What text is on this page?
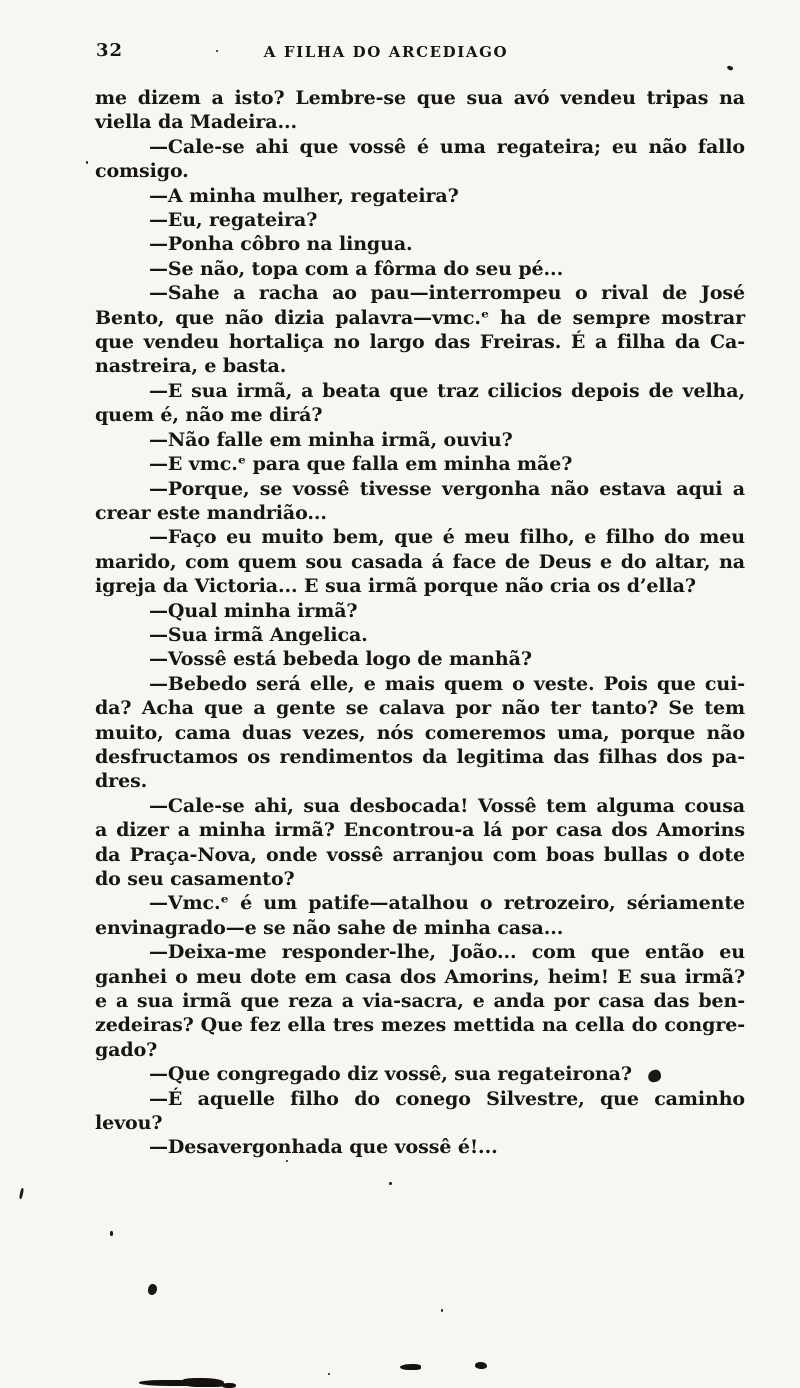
32	A FILHA DO ARCEDIAGO
me dizem a isto? Lembre-se que sua avó vendeu tripas na
viella da Madeira...
—Cale-se ahi que vossê é uma regateira; eu não fallo
comsigo.
—A minha mulher, regateira?
—Eu, regateira?
—Ponha côbro na lingua.
—Se não, topa com a fôrma do seu pé...
—Sahe a racha ao pau—interrompeu o rival de José
Bento, que não dizia palavra—vmc.ᵉ ha de sempre mostrar
que vendeu hortaliça no largo das Freiras. É a filha da Ca-
nastreira, e basta.
—E sua irmã, a beata que traz cilicios depois de velha,
quem é, não me dirá?
—Não falle em minha irmã, ouviu?
—E vmc.ᵉ para que falla em minha mãe?
—Porque, se vossê tivesse vergonha não estava aqui a
crear este mandrião...
—Faço eu muito bem, que é meu filho, e filho do meu
marido, com quem sou casada á face de Deus e do altar, na
igreja da Victoria... E sua irmã porque não cria os d’ella?
—Qual minha irmã?
—Sua irmã Angelica.
—Vossê está bebeda logo de manhã?
—Bebedo será elle, e mais quem o veste. Pois que cui-
da? Acha que a gente se calava por não ter tanto? Se tem
muito, cama duas vezes, nós comeremos uma, porque não
desfructamos os rendimentos da legitima das filhas dos pa-
dres.
—Cale-se ahi, sua desbocada! Vossê tem alguma cousa
a dizer a minha irmã? Encontrou-a lá por casa dos Amorins
da Praça-Nova, onde vossê arranjou com boas bullas o dote
do seu casamento?
—Vmc.ᵉ é um patife—atalhou o retrozeiro, sériamente
envinagrado—e se não sahe de minha casa...
—Deixa-me responder-lhe, João... com que então eu
ganhei o meu dote em casa dos Amorins, heim! E sua irmã?
e a sua irmã que reza a via-sacra, e anda por casa das ben-
zedeiras? Que fez ella tres mezes mettida na cella do congre-
gado?
—Que congregado diz vossê, sua regateirona?
—É aquelle filho do conego Silvestre, que caminho
levou?
—Desavergonhada que vossê é!...
